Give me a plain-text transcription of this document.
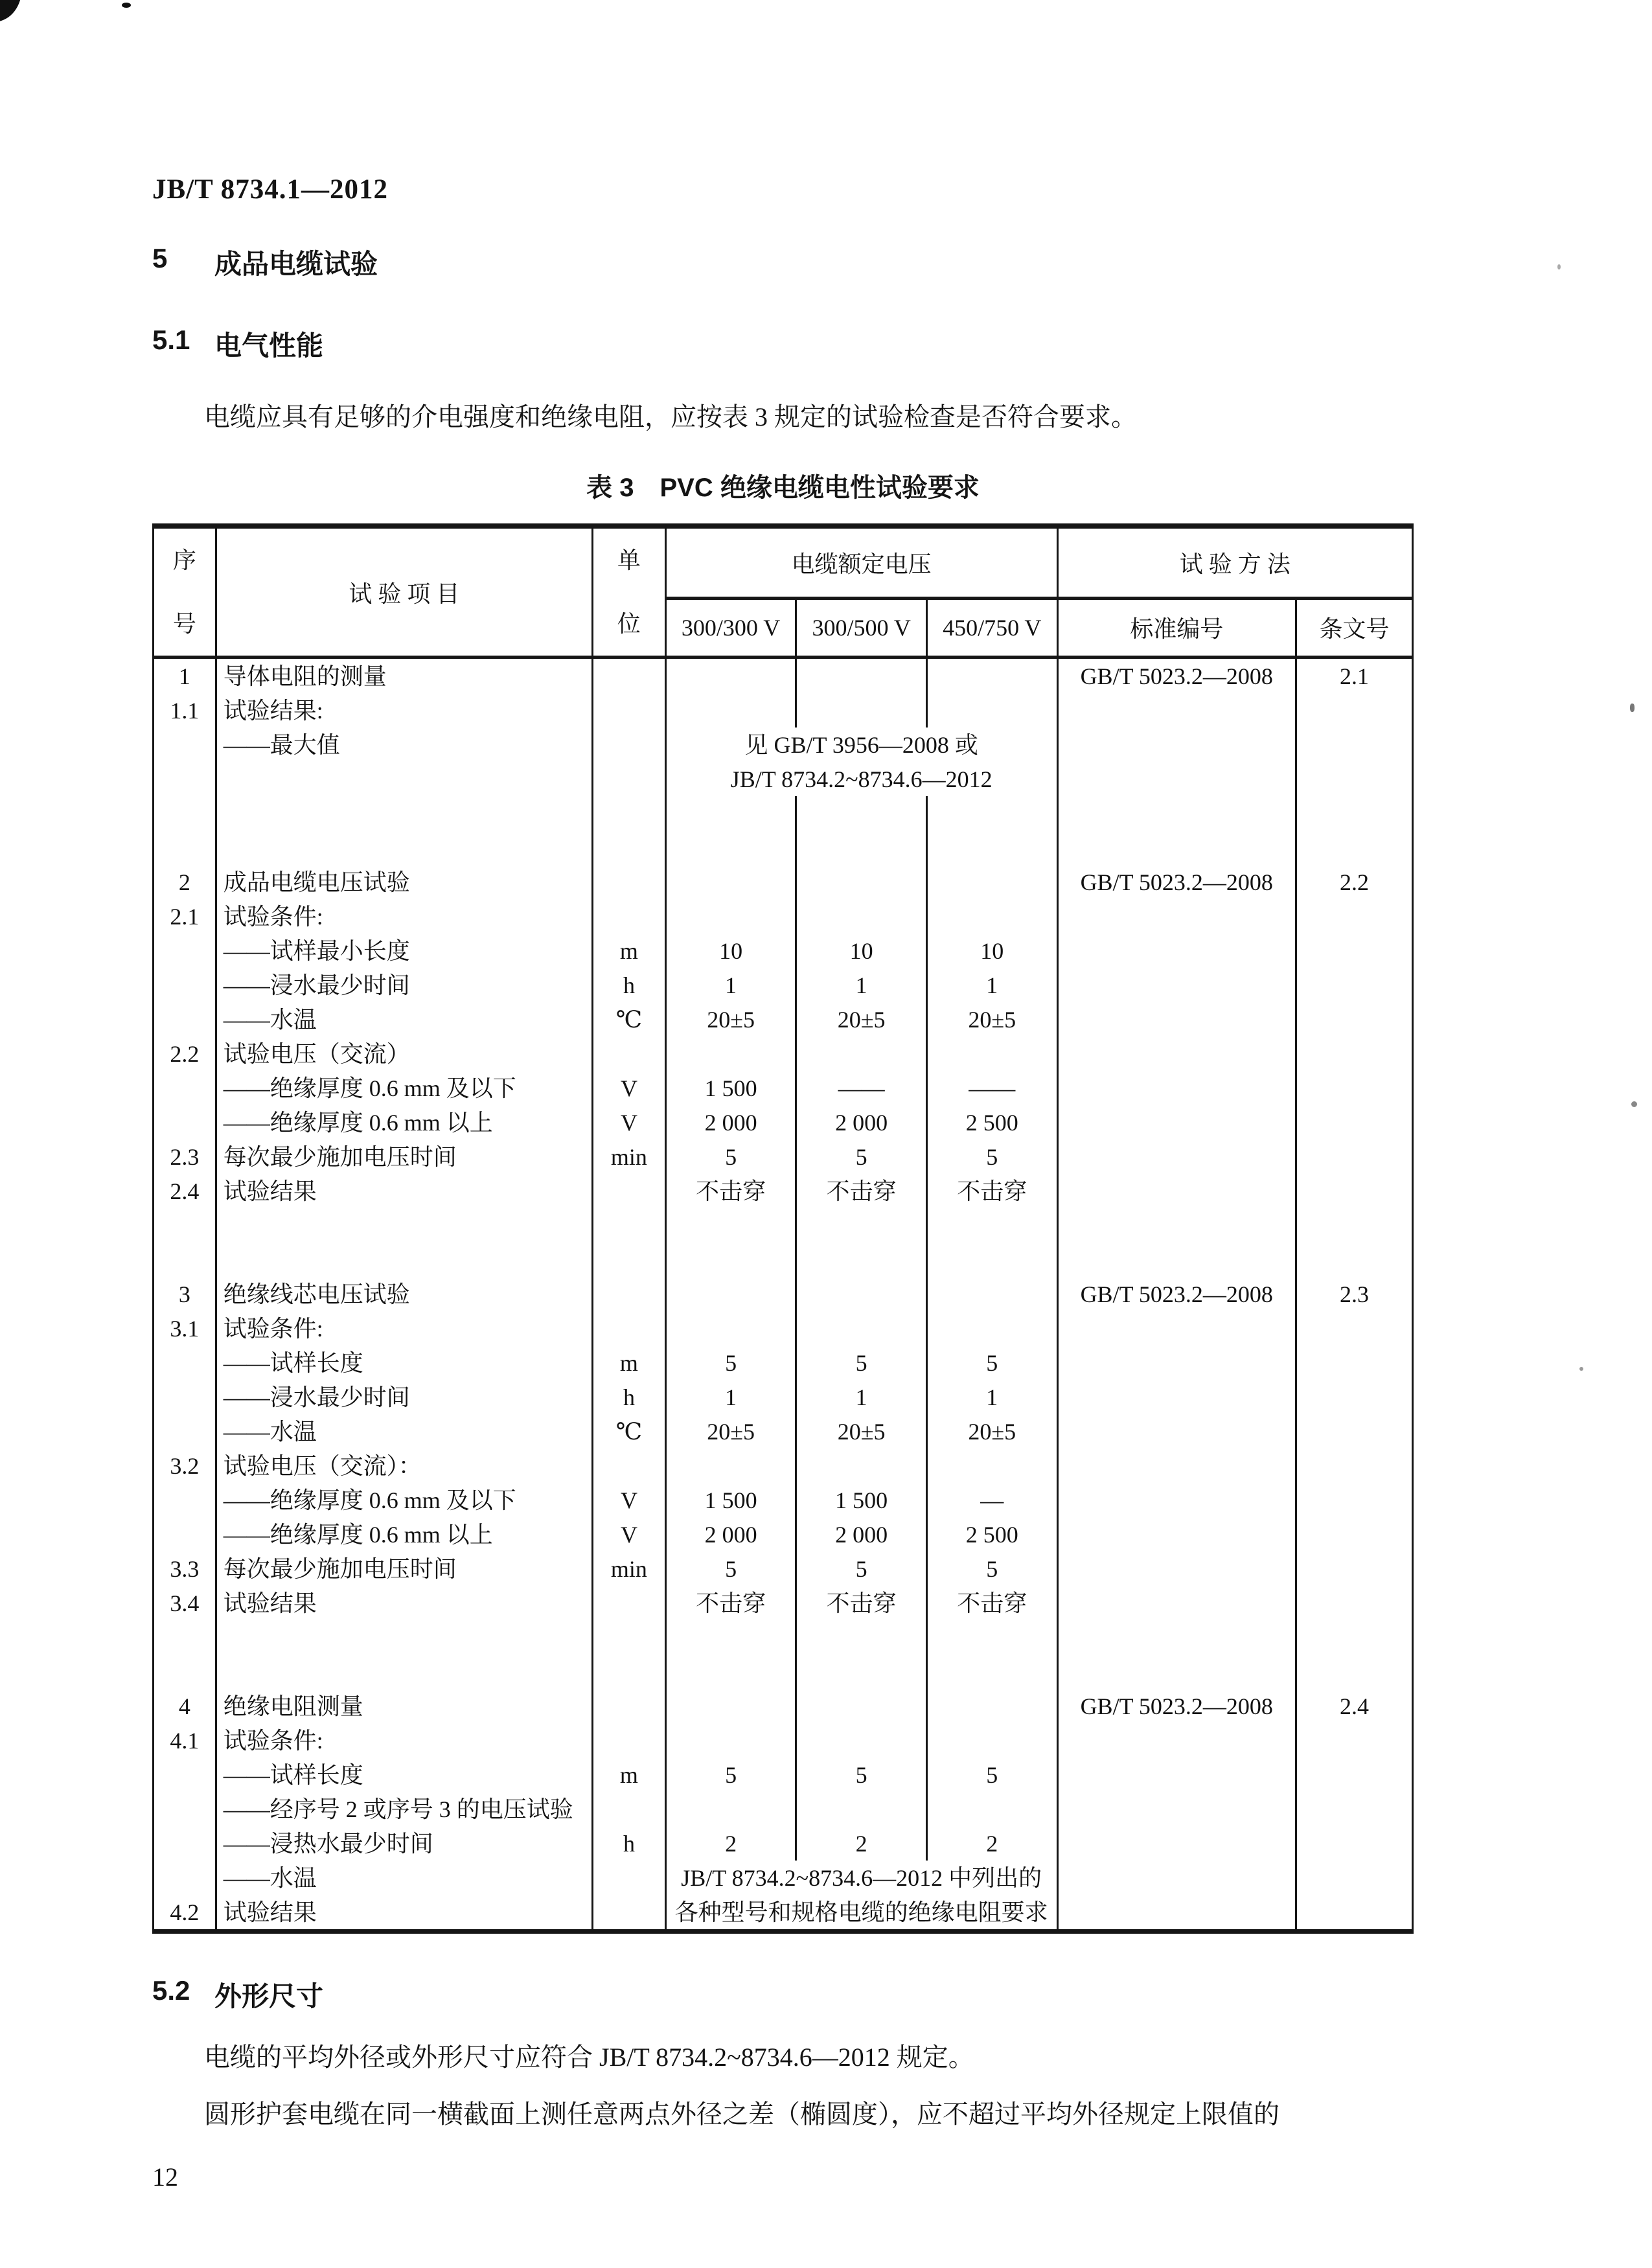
JB/T 8734.1—2012
5	成品电缆试验
5.1 电气性能
电缆应具有足够的介电强度和绝缘电阻，应按表 3 规定的试验检查是否符合要求。
表 3　PVC 绝缘电缆电性试验要求
序
号	试 验 项 目	单
位	电缆额定电压			试 验 方 法	
			300/300 V	300/500 V	450/750 V	标准编号	条文号
1	导体电阻的测量					GB/T 5023.2—2008	2.1
1.1	试验结果:						
	——最大值		见 GB/T 3956—2008 或				
			JB/T 8734.2~8734.6—2012				

2	成品电缆电压试验					GB/T 5023.2—2008	2.2
2.1	试验条件:						
	——试样最小长度	m	10	10	10		
	——浸水最少时间	h	1	1	1		
	——水温	℃	20±5	20±5	20±5		
2.2	试验电压（交流）						
	——绝缘厚度 0.6 mm 及以下	V	1 500	——	——		
	——绝缘厚度 0.6 mm 以上	V	2 000	2 000	2 500		
2.3	每次最少施加电压时间	min	5	5	5		
2.4	试验结果		不击穿	不击穿	不击穿		

3	绝缘线芯电压试验					GB/T 5023.2—2008	2.3
3.1	试验条件:						
	——试样长度	m	5	5	5		
	——浸水最少时间	h	1	1	1		
	——水温	℃	20±5	20±5	20±5		
3.2	试验电压（交流）：						
	——绝缘厚度 0.6 mm 及以下	V	1 500	1 500	—		
	——绝缘厚度 0.6 mm 以上	V	2 000	2 000	2 500		
3.3	每次最少施加电压时间	min	5	5	5		
3.4	试验结果		不击穿	不击穿	不击穿		

4	绝缘电阻测量					GB/T 5023.2—2008	2.4
4.1	试验条件:						
	——试样长度	m	5	5	5		
	——经序号 2 或序号 3 的电压试验						
	——浸热水最少时间	h	2	2	2		
	——水温		JB/T 8734.2~8734.6—2012 中列出的				
4.2	试验结果		各种型号和规格电缆的绝缘电阻要求				
5.2 外形尺寸
电缆的平均外径或外形尺寸应符合 JB/T 8734.2~8734.6—2012 规定。
圆形护套电缆在同一横截面上测任意两点外径之差（椭圆度），应不超过平均外径规定上限值的
12
